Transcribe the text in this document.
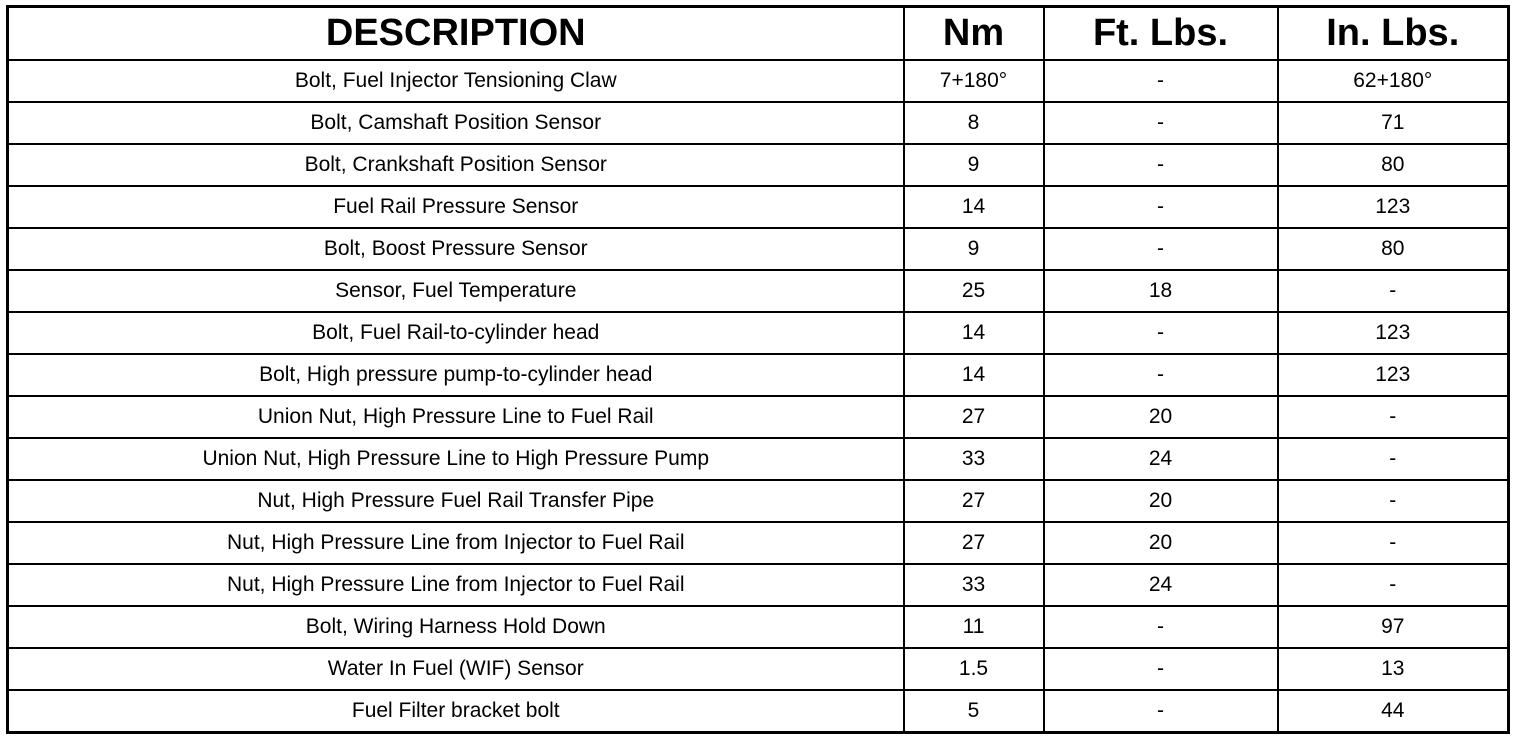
DESCRIPTION	Nm	Ft. Lbs.	In. Lbs.
Bolt, Fuel Injector Tensioning Claw	7+180°	-	62+180°
Bolt, Camshaft Position Sensor	8	-	71
Bolt, Crankshaft Position Sensor	9	-	80
Fuel Rail Pressure Sensor	14	-	123
Bolt, Boost Pressure Sensor	9	-	80
Sensor, Fuel Temperature	25	18	-
Bolt, Fuel Rail-to-cylinder head	14	-	123
Bolt, High pressure pump-to-cylinder head	14	-	123
Union Nut, High Pressure Line to Fuel Rail	27	20	-
Union Nut, High Pressure Line to High Pressure Pump	33	24	-
Nut, High Pressure Fuel Rail Transfer Pipe	27	20	-
Nut, High Pressure Line from Injector to Fuel Rail	27	20	-
Nut, High Pressure Line from Injector to Fuel Rail	33	24	-
Bolt, Wiring Harness Hold Down	11	-	97
Water In Fuel (WIF) Sensor	1.5	-	13
Fuel Filter bracket bolt	5	-	44
